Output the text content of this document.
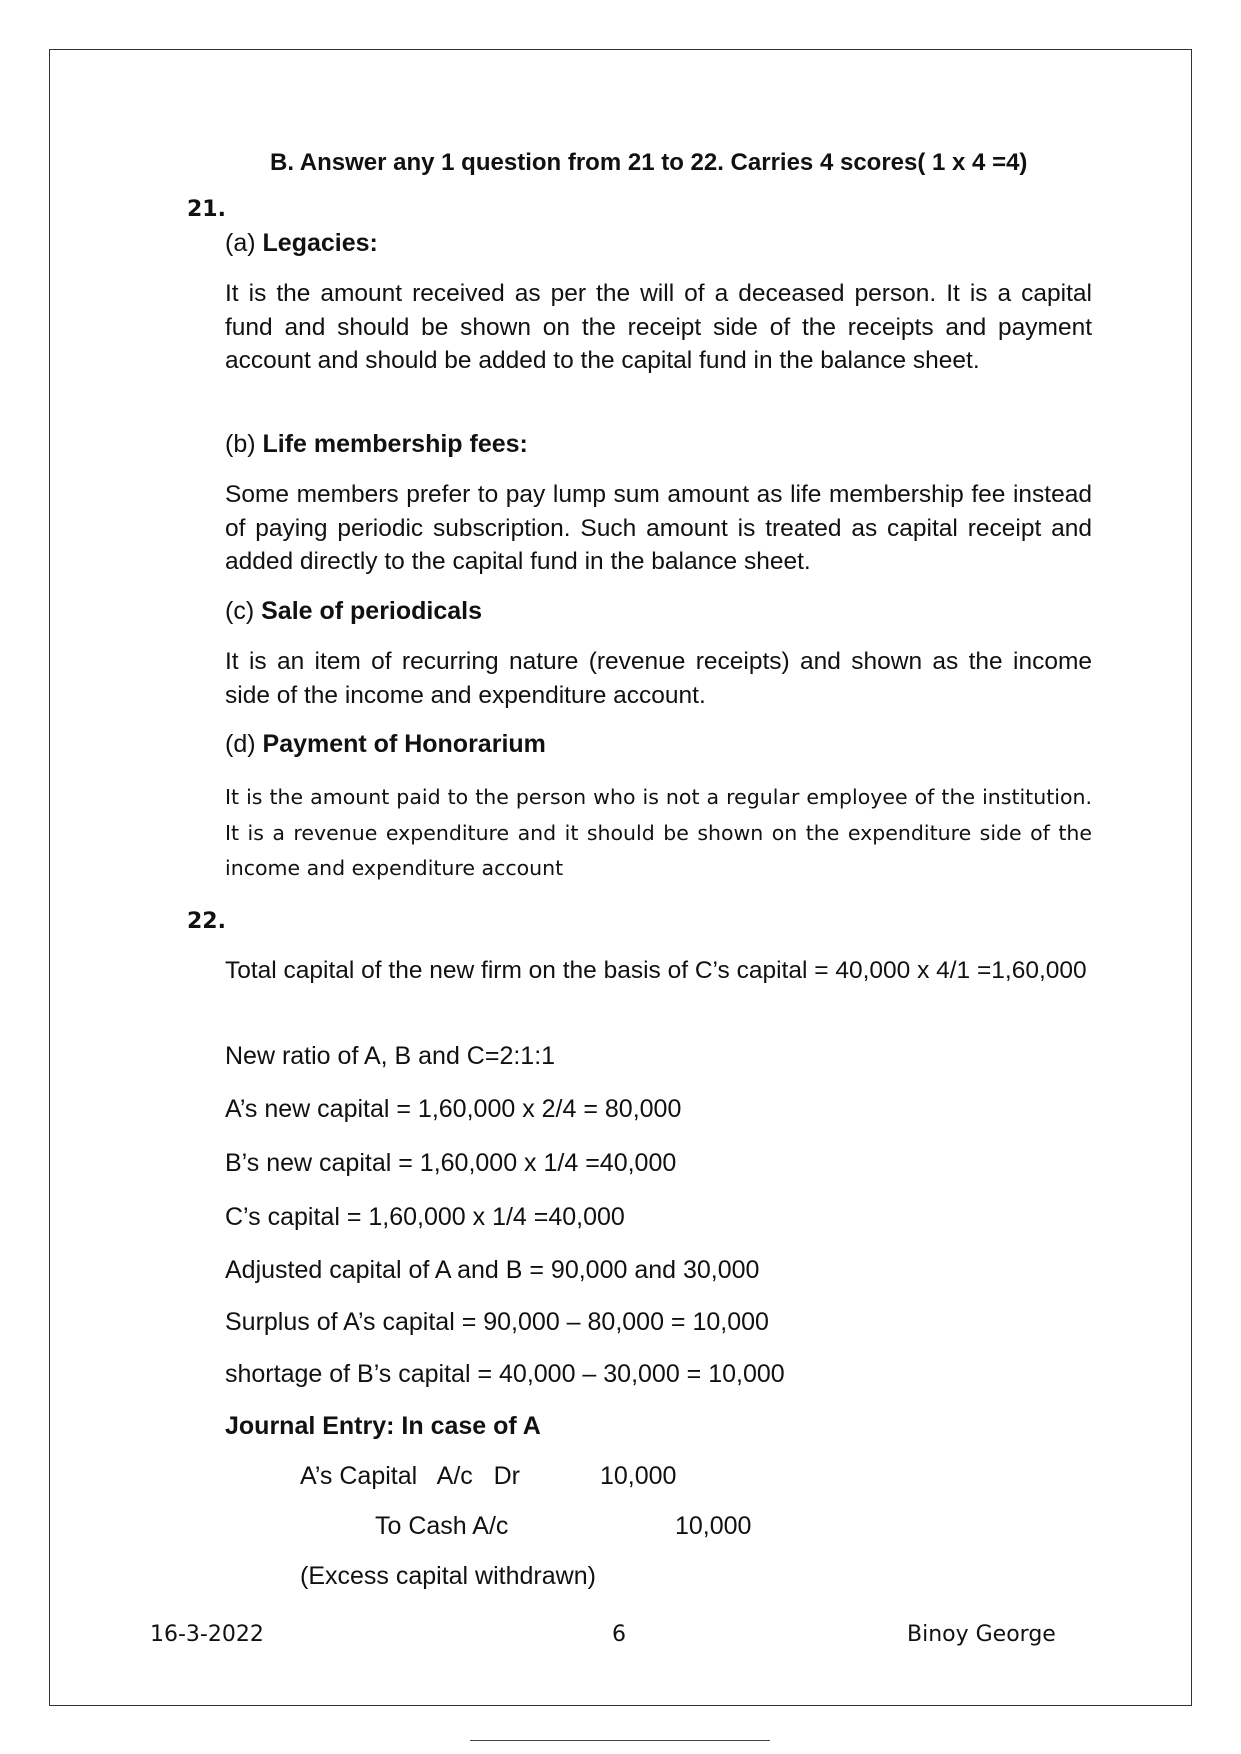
B. Answer any 1 question from 21 to 22. Carries 4 scores( 1 x 4 =4)
21.
(a) Legacies:
It is the amount received as per the will of a deceased person. It is a capital fund and should be shown on the receipt side of the receipts and payment account and should be added to the capital fund in the balance sheet.
(b) Life membership fees:
Some members prefer to pay lump sum amount as life membership fee instead of paying periodic subscription. Such amount is treated as capital receipt and added directly to the capital fund in the balance sheet.
(c) Sale of periodicals
It is an item of recurring nature (revenue receipts) and shown as the income side of the income and expenditure account.
(d) Payment of Honorarium
It is the amount paid to the person who is not a regular employee of the institution. It is a revenue expenditure and it should be shown on the expenditure side of the income and expenditure account
22.
Total capital of the new firm on the basis of C’s capital = 40,000 x 4/1 =1,60,000
New ratio of A, B and C=2:1:1
A’s new capital = 1,60,000 x 2/4 = 80,000
B’s new capital = 1,60,000 x 1/4 =40,000
C’s capital = 1,60,000 x 1/4 =40,000
Adjusted capital of A and B = 90,000 and 30,000
Surplus of A’s capital = 90,000 – 80,000 = 10,000
shortage of B’s capital = 40,000 – 30,000 = 10,000
Journal Entry: In case of A
A’s Capital   A/c   Dr	10,000
To Cash A/c	10,000
(Excess capital withdrawn)
16-3-2022	6	Binoy George
